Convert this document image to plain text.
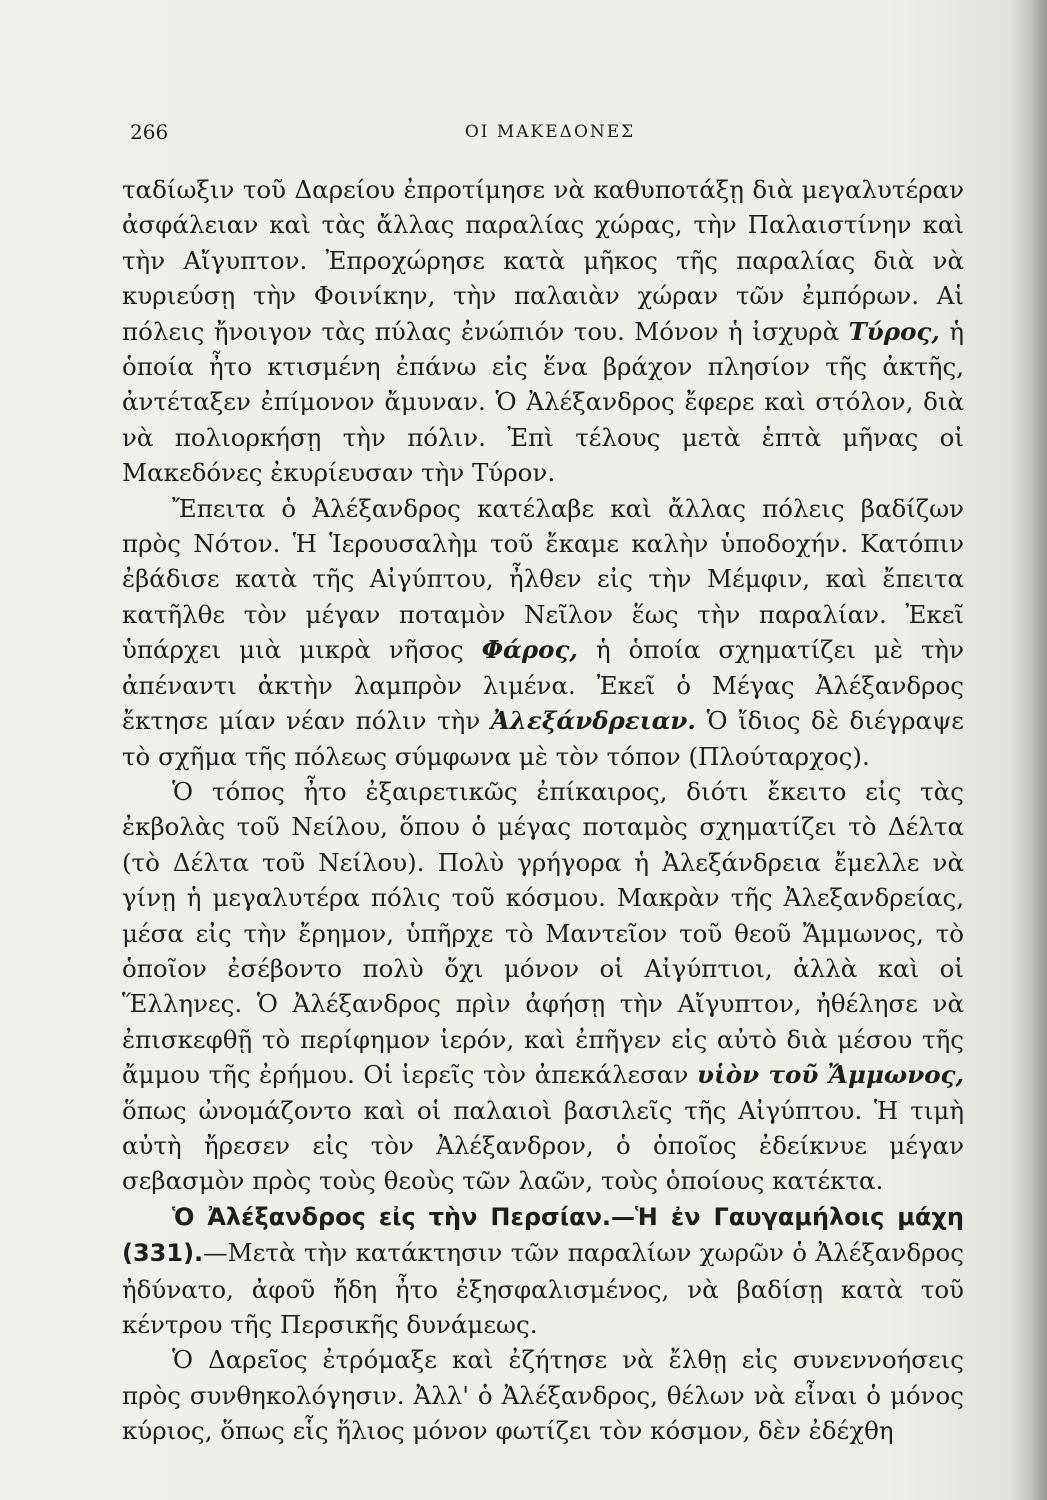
266	ΟΙ ΜΑΚΕΔΟΝΕΣ

ταδίωξιν τοῦ Δαρείου ἐπροτίμησε νὰ καθυποτάξῃ διὰ μεγαλυτέραν ἀσφάλειαν καὶ τὰς ἄλλας παραλίας χώρας, τὴν Παλαιστίνην καὶ τὴν Αἴγυπτον. Ἐπροχώρησε κατὰ μῆκος τῆς παραλίας διὰ νὰ κυριεύσῃ τὴν Φοινίκην, τὴν παλαιὰν χώραν τῶν ἐμπόρων. Αἱ πόλεις ἤνοιγον τὰς πύλας ἐνώπιόν του. Μόνον ἡ ἰσχυρὰ Τύρος, ἡ ὁποία ἦτο κτισμένη ἐπάνω εἰς ἕνα βράχον πλησίον τῆς ἀκτῆς, ἀντέταξεν ἐπίμονον ἄμυναν. Ὁ Ἀλέξανδρος ἔφερε καὶ στόλον, διὰ νὰ πολιορκήσῃ τὴν πόλιν. Ἐπὶ τέλους μετὰ ἑπτὰ μῆνας οἱ Μακεδόνες ἐκυρίευσαν τὴν Τύρον.

Ἔπειτα ὁ Ἀλέξανδρος κατέλαβε καὶ ἄλλας πόλεις βαδίζων πρὸς Νότον. Ἡ Ἱερουσαλὴμ τοῦ ἔκαμε καλὴν ὑποδοχήν. Κατόπιν ἐβάδισε κατὰ τῆς Αἰγύπτου, ἦλθεν εἰς τὴν Μέμφιν, καὶ ἔπειτα κατῆλθε τὸν μέγαν ποταμὸν Νεῖλον ἕως τὴν παραλίαν. Ἐκεῖ ὑπάρχει μιὰ μικρὰ νῆσος Φάρος, ἡ ὁποία σχηματίζει μὲ τὴν ἀπέναντι ἀκτὴν λαμπρὸν λιμένα. Ἐκεῖ ὁ Μέγας Ἀλέξανδρος ἔκτησε μίαν νέαν πόλιν τὴν Ἀλεξάνδρειαν. Ὁ ἴδιος δὲ διέγραψε τὸ σχῆμα τῆς πόλεως σύμφωνα μὲ τὸν τόπον (Πλούταρχος).

Ὁ τόπος ἦτο ἐξαιρετικῶς ἐπίκαιρος, διότι ἔκειτο εἰς τὰς ἐκβολὰς τοῦ Νείλου, ὅπου ὁ μέγας ποταμὸς σχηματίζει τὸ Δέλτα (τὸ Δέλτα τοῦ Νείλου). Πολὺ γρήγορα ἡ Ἀλεξάνδρεια ἔμελλε νὰ γίνῃ ἡ μεγαλυτέρα πόλις τοῦ κόσμου. Μακρὰν τῆς Ἀλεξανδρείας, μέσα εἰς τὴν ἔρημον, ὑπῆρχε τὸ Μαντεῖον τοῦ θεοῦ Ἄμμωνος, τὸ ὁποῖον ἐσέβοντο πολὺ ὄχι μόνον οἱ Αἰγύπτιοι, ἀλλὰ καὶ οἱ Ἕλληνες. Ὁ Ἀλέξανδρος πρὶν ἀφήσῃ τὴν Αἴγυπτον, ἠθέλησε νὰ ἐπισκεφθῇ τὸ περίφημον ἱερόν, καὶ ἐπῆγεν εἰς αὐτὸ διὰ μέσου τῆς ἄμμου τῆς ἐρήμου. Οἱ ἱερεῖς τὸν ἀπεκάλεσαν υἱὸν τοῦ Ἄμμωνος, ὅπως ὠνομάζοντο καὶ οἱ παλαιοὶ βασιλεῖς τῆς Αἰγύπτου. Ἡ τιμὴ αὐτὴ ἤρεσεν εἰς τὸν Ἀλέξανδρον, ὁ ὁποῖος ἐδείκνυε μέγαν σεβασμὸν πρὸς τοὺς θεοὺς τῶν λαῶν, τοὺς ὁποίους κατέκτα.

Ὁ Ἀλέξανδρος εἰς τὴν Περσίαν.—Ἡ ἐν Γαυγαμήλοις μάχη (331).—Μετὰ τὴν κατάκτησιν τῶν παραλίων χωρῶν ὁ Ἀλέξανδρος ἠδύνατο, ἀφοῦ ἤδη ἦτο ἐξησφαλισμένος, νὰ βαδίσῃ κατὰ τοῦ κέντρου τῆς Περσικῆς δυνάμεως.

Ὁ Δαρεῖος ἐτρόμαξε καὶ ἐζήτησε νὰ ἔλθῃ εἰς συνεννοήσεις πρὸς συνθηκολόγησιν. Ἀλλ' ὁ Ἀλέξανδρος, θέλων νὰ εἶναι ὁ μόνος κύριος, ὅπως εἷς ἥλιος μόνον φωτίζει τὸν κόσμον, δὲν ἐδέχθη
